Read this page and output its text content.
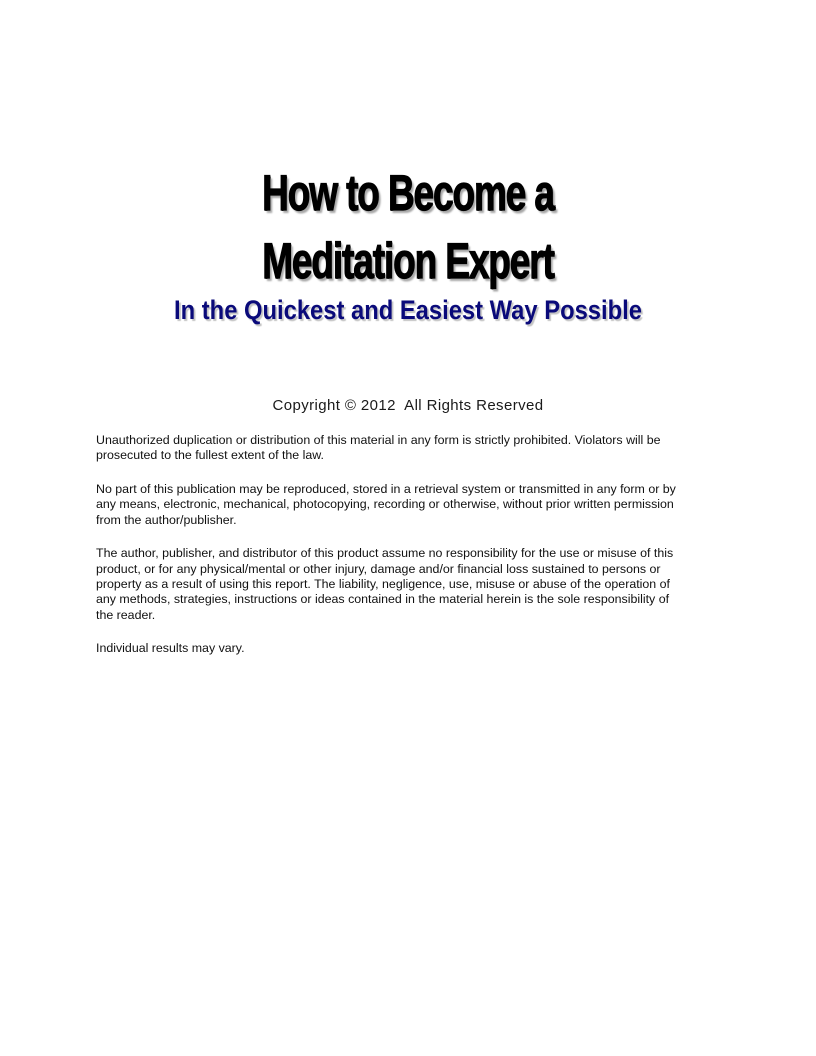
How to Become a
Meditation Expert
In the Quickest and Easiest Way Possible
Copyright © 2012  All Rights Reserved

Unauthorized duplication or distribution of this material in any form is strictly prohibited. Violators will be
prosecuted to the fullest extent of the law.

No part of this publication may be reproduced, stored in a retrieval system or transmitted in any form or by
any means, electronic, mechanical, photocopying, recording or otherwise, without prior written permission
from the author/publisher.

The author, publisher, and distributor of this product assume no responsibility for the use or misuse of this
product, or for any physical/mental or other injury, damage and/or financial loss sustained to persons or
property as a result of using this report. The liability, negligence, use, misuse or abuse of the operation of
any methods, strategies, instructions or ideas contained in the material herein is the sole responsibility of
the reader.

Individual results may vary.
